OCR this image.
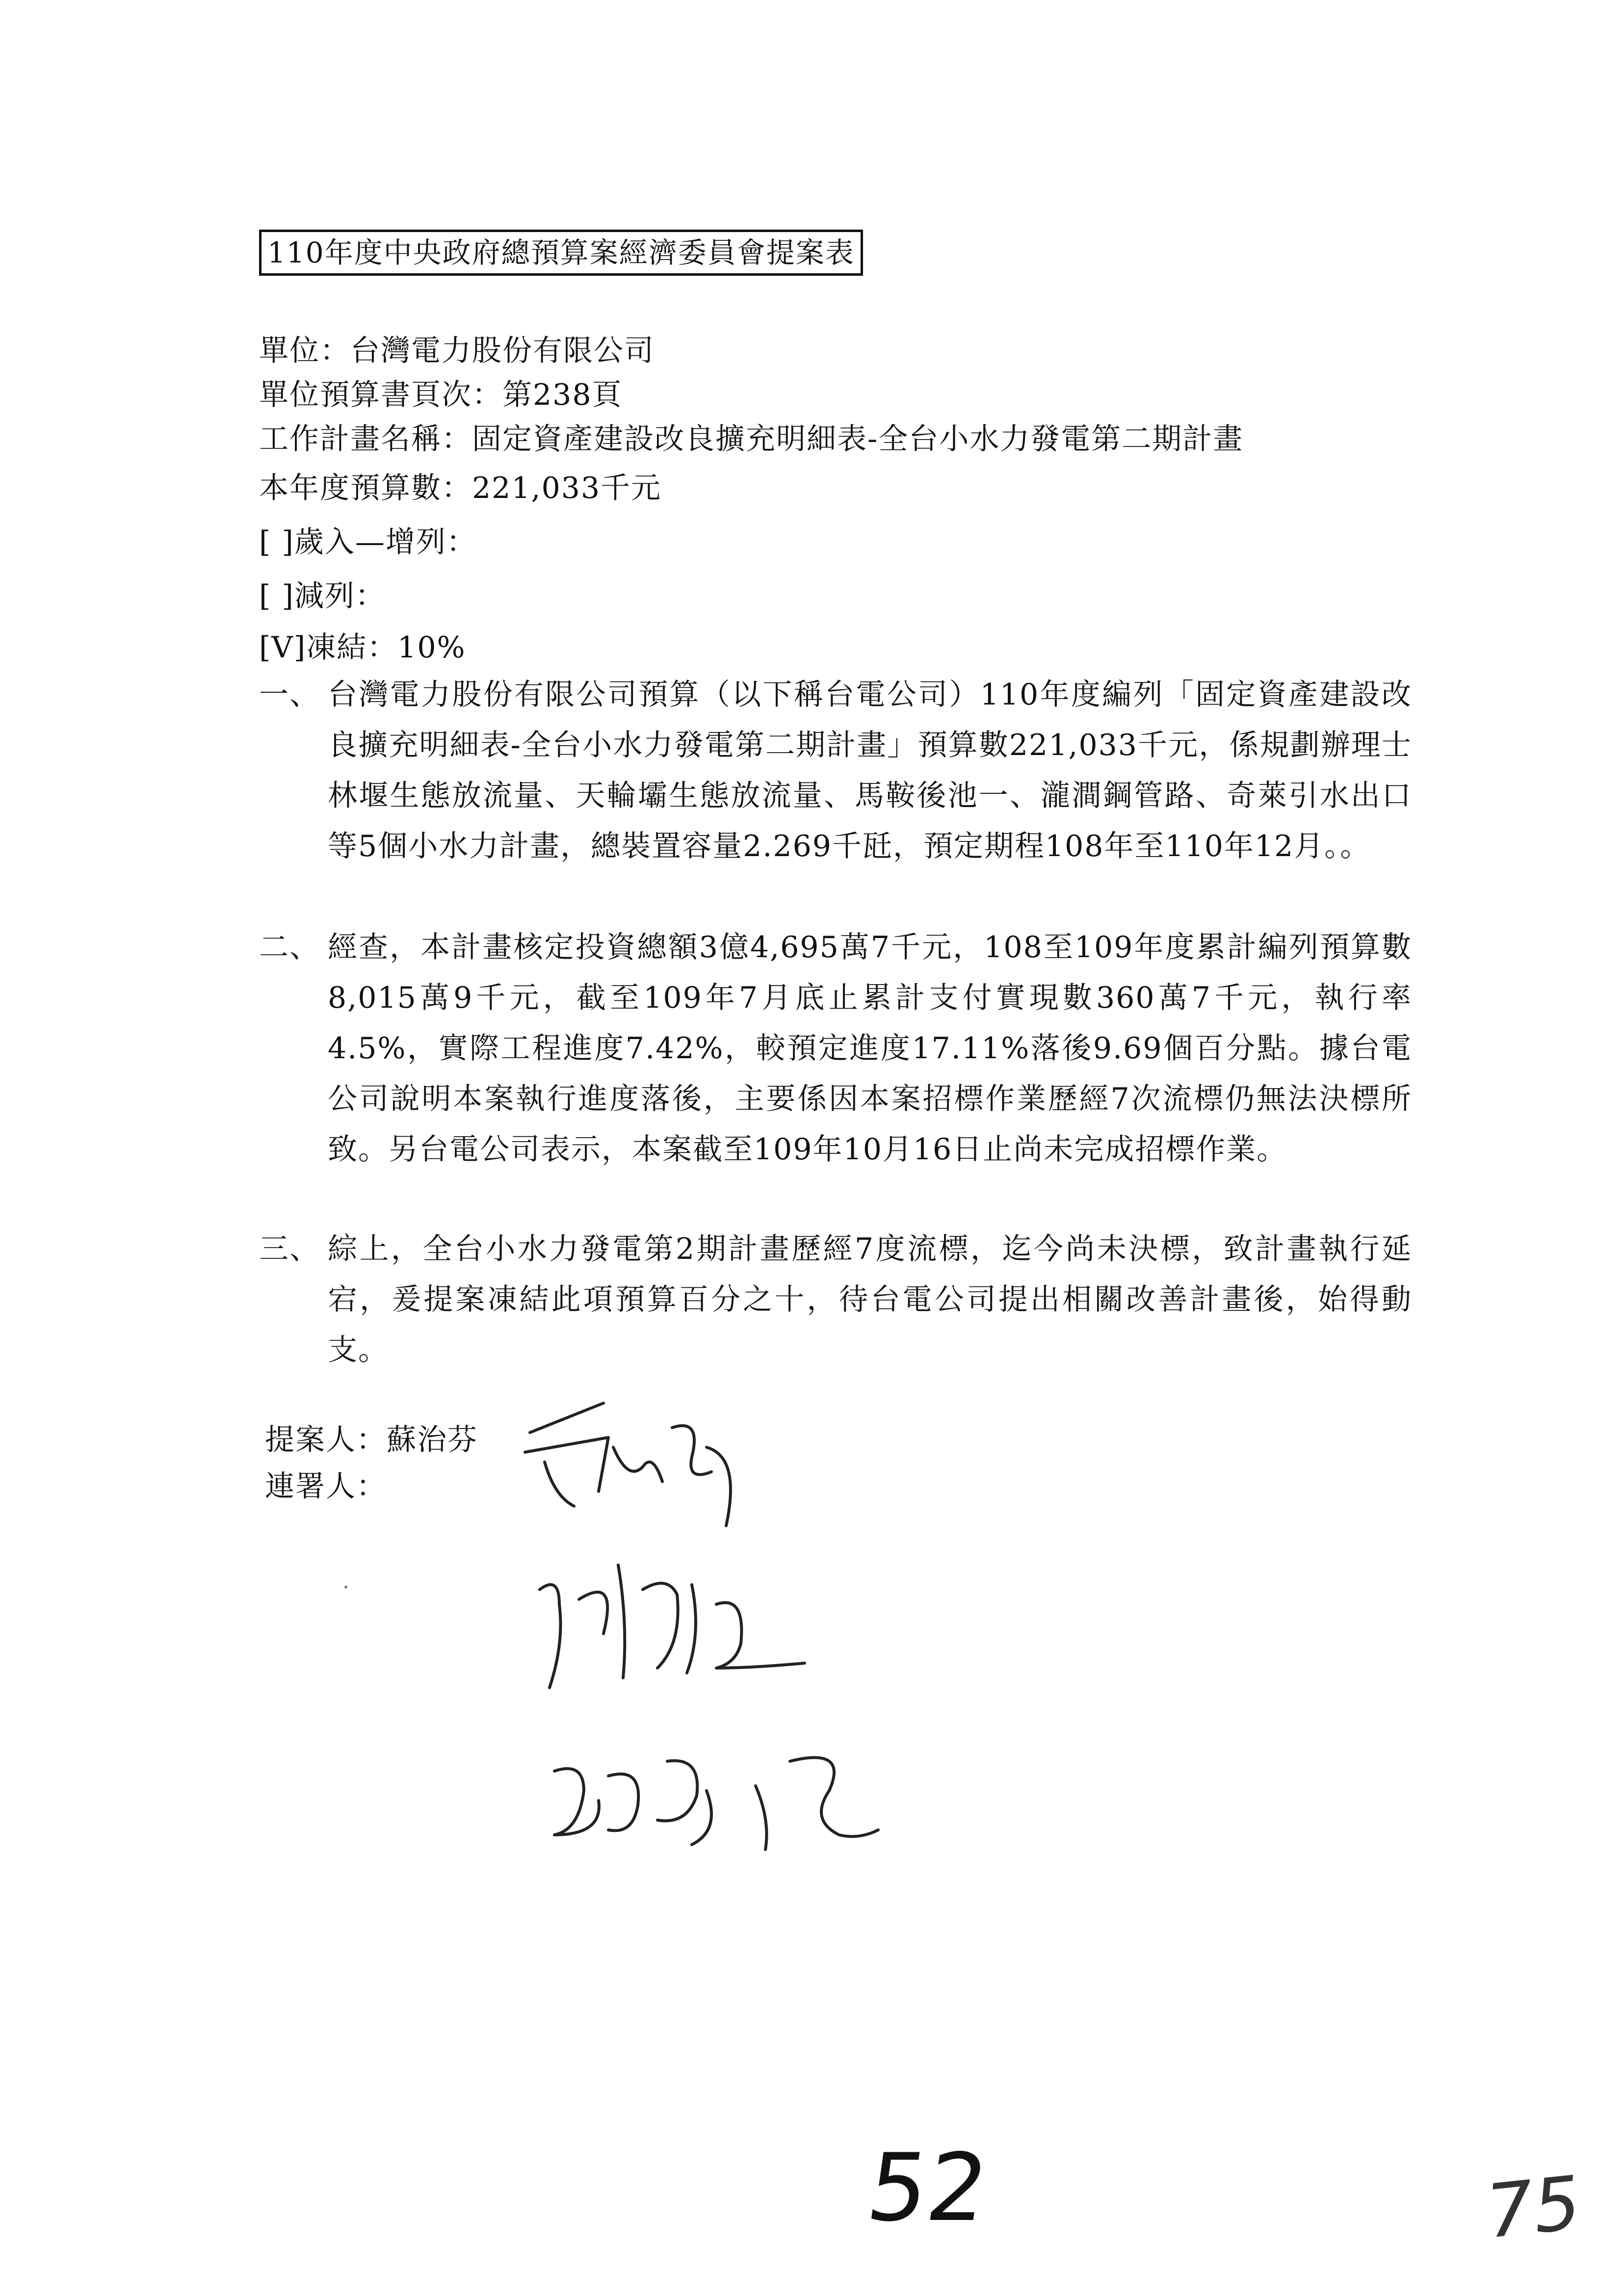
110年度中央政府總預算案經濟委員會提案表
單位：台灣電力股份有限公司
單位預算書頁次：第238頁
工作計畫名稱：固定資產建設改良擴充明細表-全台小水力發電第二期計畫
本年度預算數：221,033千元
[ ]歲入—增列：
[ ]減列：
[V]凍結：10%
一、 台灣電力股份有限公司預算（以下稱台電公司）110年度編列「固定資產建設改良擴充明細表-全台小水力發電第二期計畫」預算數221,033千元，係規劃辦理士林堰生態放流量、天輪壩生態放流量、馬鞍後池一、瀧澗鋼管路、奇萊引水出口等5個小水力計畫，總裝置容量2.269千瓩，預定期程108年至110年12月。。
二、 經查，本計畫核定投資總額3億4,695萬7千元，108至109年度累計編列預算數8,015萬9千元，截至109年7月底止累計支付實現數360萬7千元，執行率4.5%，實際工程進度7.42%，較預定進度17.11%落後9.69個百分點。據台電公司說明本案執行進度落後，主要係因本案招標作業歷經7次流標仍無法決標所致。另台電公司表示，本案截至109年10月16日止尚未完成招標作業。
三、 綜上，全台小水力發電第2期計畫歷經7度流標，迄今尚未決標，致計畫執行延宕，爰提案凍結此項預算百分之十，待台電公司提出相關改善計畫後，始得動支。
提案人：蘇治芬
連署人：
52	75
